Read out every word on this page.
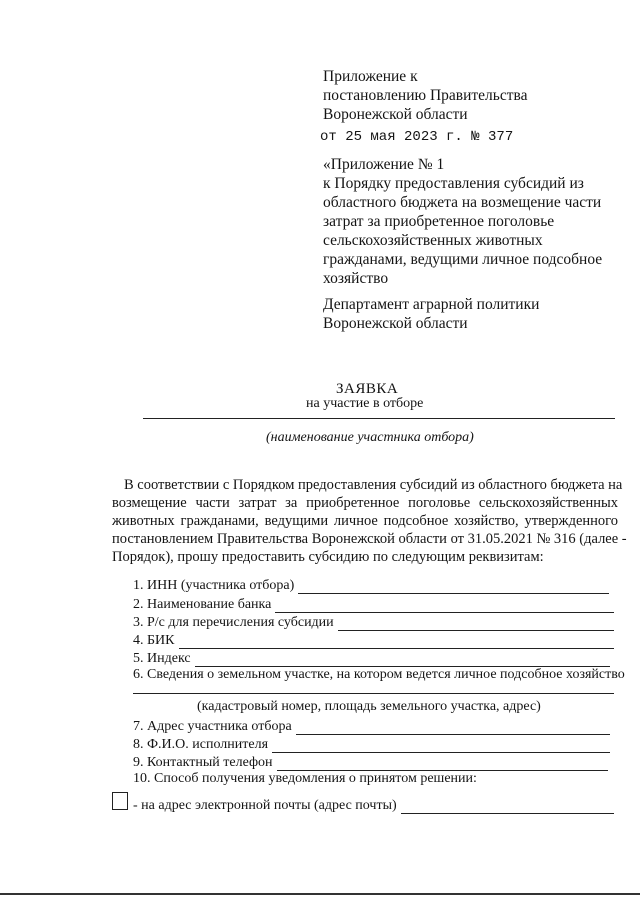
Приложение к
постановлению Правительства
Воронежской области
от 25 мая 2023 г. № 377
«Приложение № 1
к Порядку предоставления субсидий из
областного бюджета на возмещение части
затрат за приобретенное поголовье
сельскохозяйственных животных
гражданами, ведущими личное подсобное
хозяйство
Департамент аграрной политики
Воронежской области
ЗАЯВКА
на участие в отборе
(наименование участника отбора)
В соответствии с Порядком предоставления субсидий из областного бюджета на
возмещение части затрат за приобретенное поголовье сельскохозяйственных
животных гражданами, ведущими личное подсобное хозяйство, утвержденного
постановлением Правительства Воронежской области от 31.05.2021 № 316 (далее -
Порядок), прошу предоставить субсидию по следующим реквизитам:
1. ИНН (участника отбора)
2. Наименование банка
3. Р/с для перечисления субсидии
4. БИК
5. Индекс
6. Сведения о земельном участке, на котором ведется личное подсобное хозяйство
(кадастровый номер, площадь земельного участка, адрес)
7. Адрес участника отбора
8. Ф.И.О. исполнителя
9. Контактный телефон
10. Способ получения уведомления о принятом решении:
- на адрес электронной почты (адрес почты)
